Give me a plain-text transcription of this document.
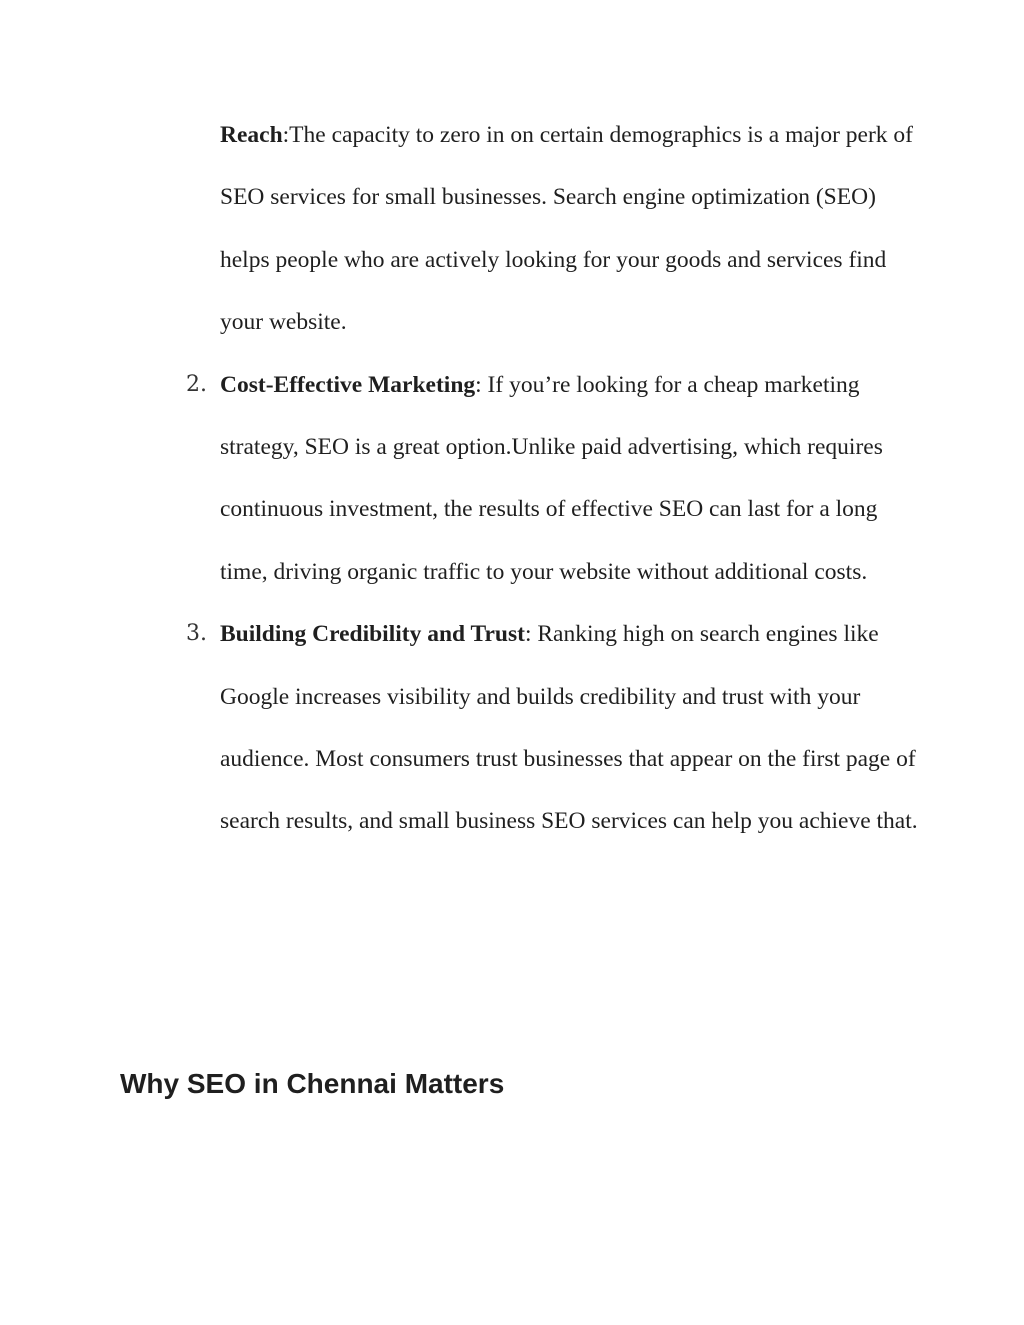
Reach:The capacity to zero in on certain demographics is a major perk of SEO services for small businesses. Search engine optimization (SEO) helps people who are actively looking for your goods and services find your website.
2. Cost-Effective Marketing: If you’re looking for a cheap marketing strategy, SEO is a great option.Unlike paid advertising, which requires continuous investment, the results of effective SEO can last for a long time, driving organic traffic to your website without additional costs.
3. Building Credibility and Trust: Ranking high on search engines like Google increases visibility and builds credibility and trust with your audience. Most consumers trust businesses that appear on the first page of search results, and small business SEO services can help you achieve that.
Why SEO in Chennai Matters
